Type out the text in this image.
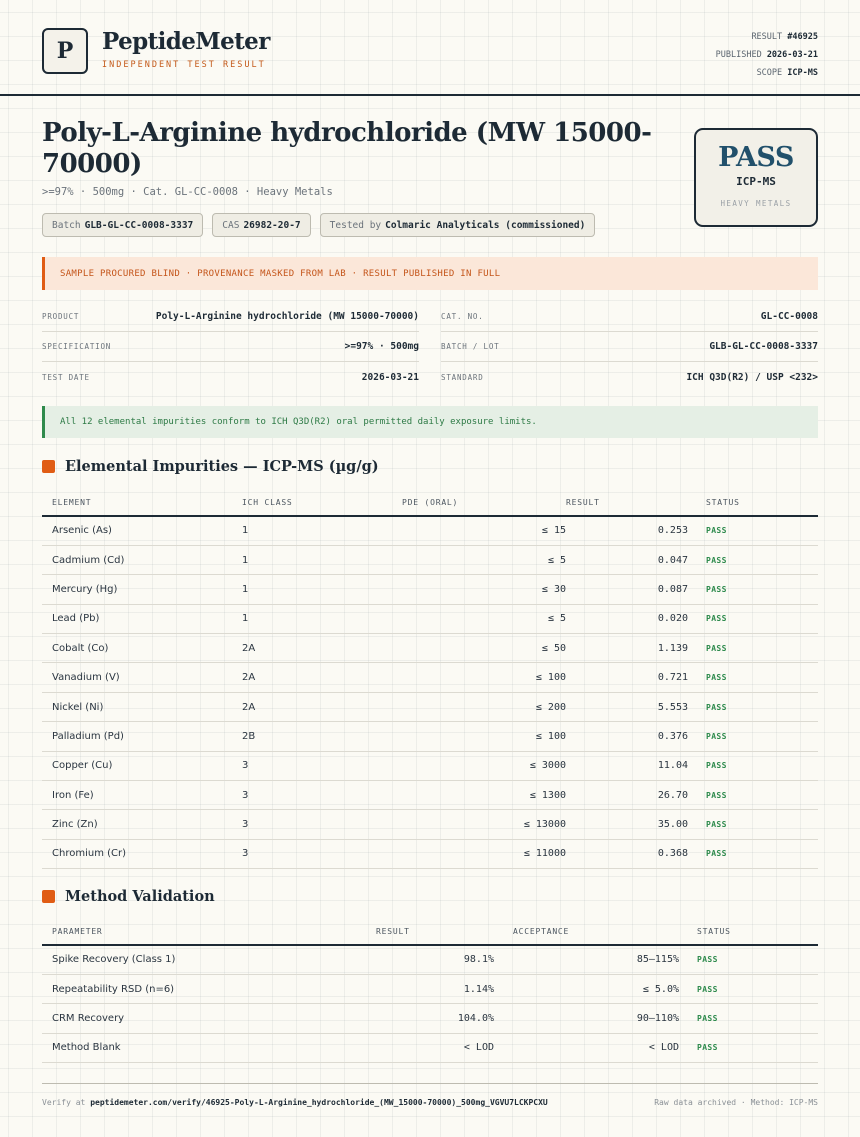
P	PeptideMeter
INDEPENDENT TEST RESULT
RESULT #46925
PUBLISHED 2026-03-21
SCOPE ICP-MS
Poly-L-Arginine hydrochloride (MW 15000-70000)
>=97% · 500mg · Cat. GL-CC-0008 · Heavy Metals
Batch GLB-GL-CC-0008-3337	CAS 26982-20-7	Tested by Colmaric Analyticals (commissioned)
PASS
ICP-MS
HEAVY METALS
SAMPLE PROCURED BLIND · PROVENANCE MASKED FROM LAB · RESULT PUBLISHED IN FULL
PRODUCT	Poly-L-Arginine hydrochloride (MW 15000-70000)
SPECIFICATION	>=97% · 500mg
TEST DATE	2026-03-21
CAT. NO.	GL-CC-0008
BATCH / LOT	GLB-GL-CC-0008-3337
STANDARD	ICH Q3D(R2) / USP <232>
All 12 elemental impurities conform to ICH Q3D(R2) oral permitted daily exposure limits.
Elemental Impurities — ICP-MS (µg/g)
ELEMENT	ICH CLASS	PDE (ORAL)	RESULT	STATUS
Arsenic (As)	1	≤ 15	0.253	PASS
Cadmium (Cd)	1	≤ 5	0.047	PASS
Mercury (Hg)	1	≤ 30	0.087	PASS
Lead (Pb)	1	≤ 5	0.020	PASS
Cobalt (Co)	2A	≤ 50	1.139	PASS
Vanadium (V)	2A	≤ 100	0.721	PASS
Nickel (Ni)	2A	≤ 200	5.553	PASS
Palladium (Pd)	2B	≤ 100	0.376	PASS
Copper (Cu)	3	≤ 3000	11.04	PASS
Iron (Fe)	3	≤ 1300	26.70	PASS
Zinc (Zn)	3	≤ 13000	35.00	PASS
Chromium (Cr)	3	≤ 11000	0.368	PASS
Method Validation
PARAMETER	RESULT	ACCEPTANCE	STATUS
Spike Recovery (Class 1)	98.1%	85–115%	PASS
Repeatability RSD (n=6)	1.14%	≤ 5.0%	PASS
CRM Recovery	104.0%	90–110%	PASS
Method Blank	< LOD	< LOD	PASS
Verify at peptidemeter.com/verify/46925-Poly-L-Arginine_hydrochloride_(MW_15000-70000)_500mg_VGVU7LCKPCXU	Raw data archived · Method: ICP-MS
